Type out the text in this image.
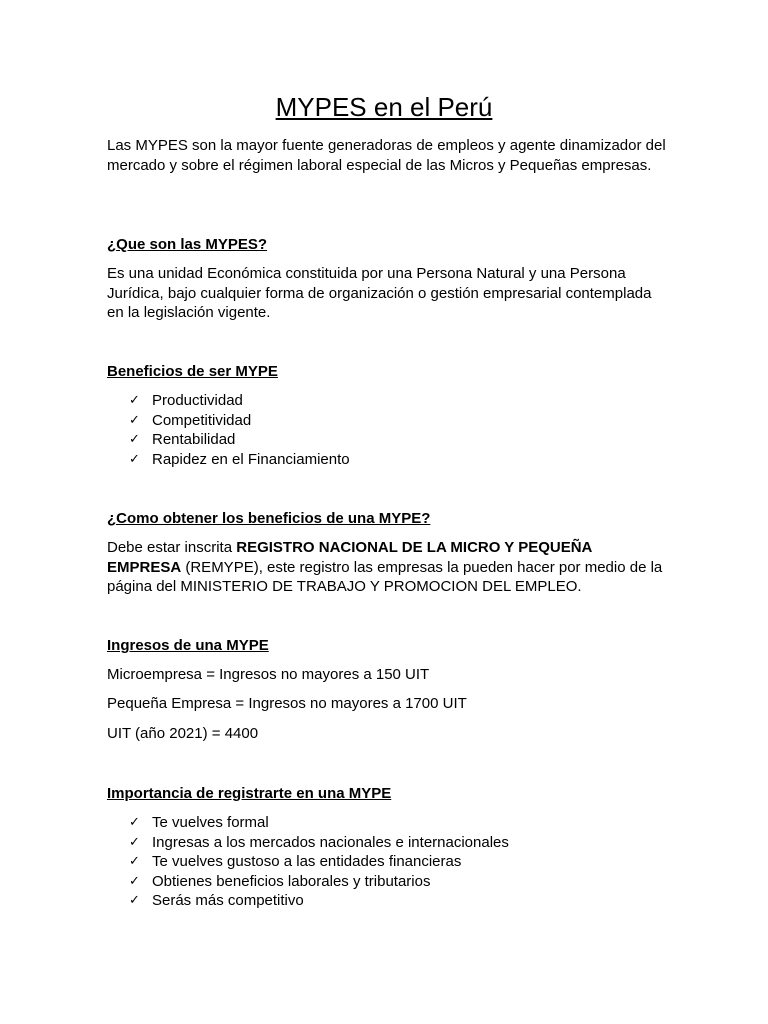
MYPES en el Perú

Las MYPES son la mayor fuente generadoras de empleos y agente dinamizador del mercado y sobre el régimen laboral especial de las Micros y Pequeñas empresas.

¿Que son las MYPES?

Es una unidad Económica constituida por una Persona Natural y una Persona Jurídica, bajo cualquier forma de organización o gestión empresarial contemplada en la legislación vigente.

Beneficios de ser MYPE
✓ Productividad
✓ Competitividad
✓ Rentabilidad
✓ Rapidez en el Financiamiento
¿Como obtener los beneficios de una MYPE?

Debe estar inscrita REGISTRO NACIONAL DE LA MICRO Y PEQUEÑA EMPRESA (REMYPE), este registro las empresas la pueden hacer por medio de la página del MINISTERIO DE TRABAJO Y PROMOCION DEL EMPLEO.

Ingresos de una MYPE

Microempresa = Ingresos no mayores a 150 UIT

Pequeña Empresa = Ingresos no mayores a 1700 UIT

UIT (año 2021) = 4400

Importancia de registrarte en una MYPE
✓ Te vuelves formal
✓ Ingresas a los mercados nacionales e internacionales
✓ Te vuelves gustoso a las entidades financieras
✓ Obtienes beneficios laborales y tributarios
✓ Serás más competitivo
